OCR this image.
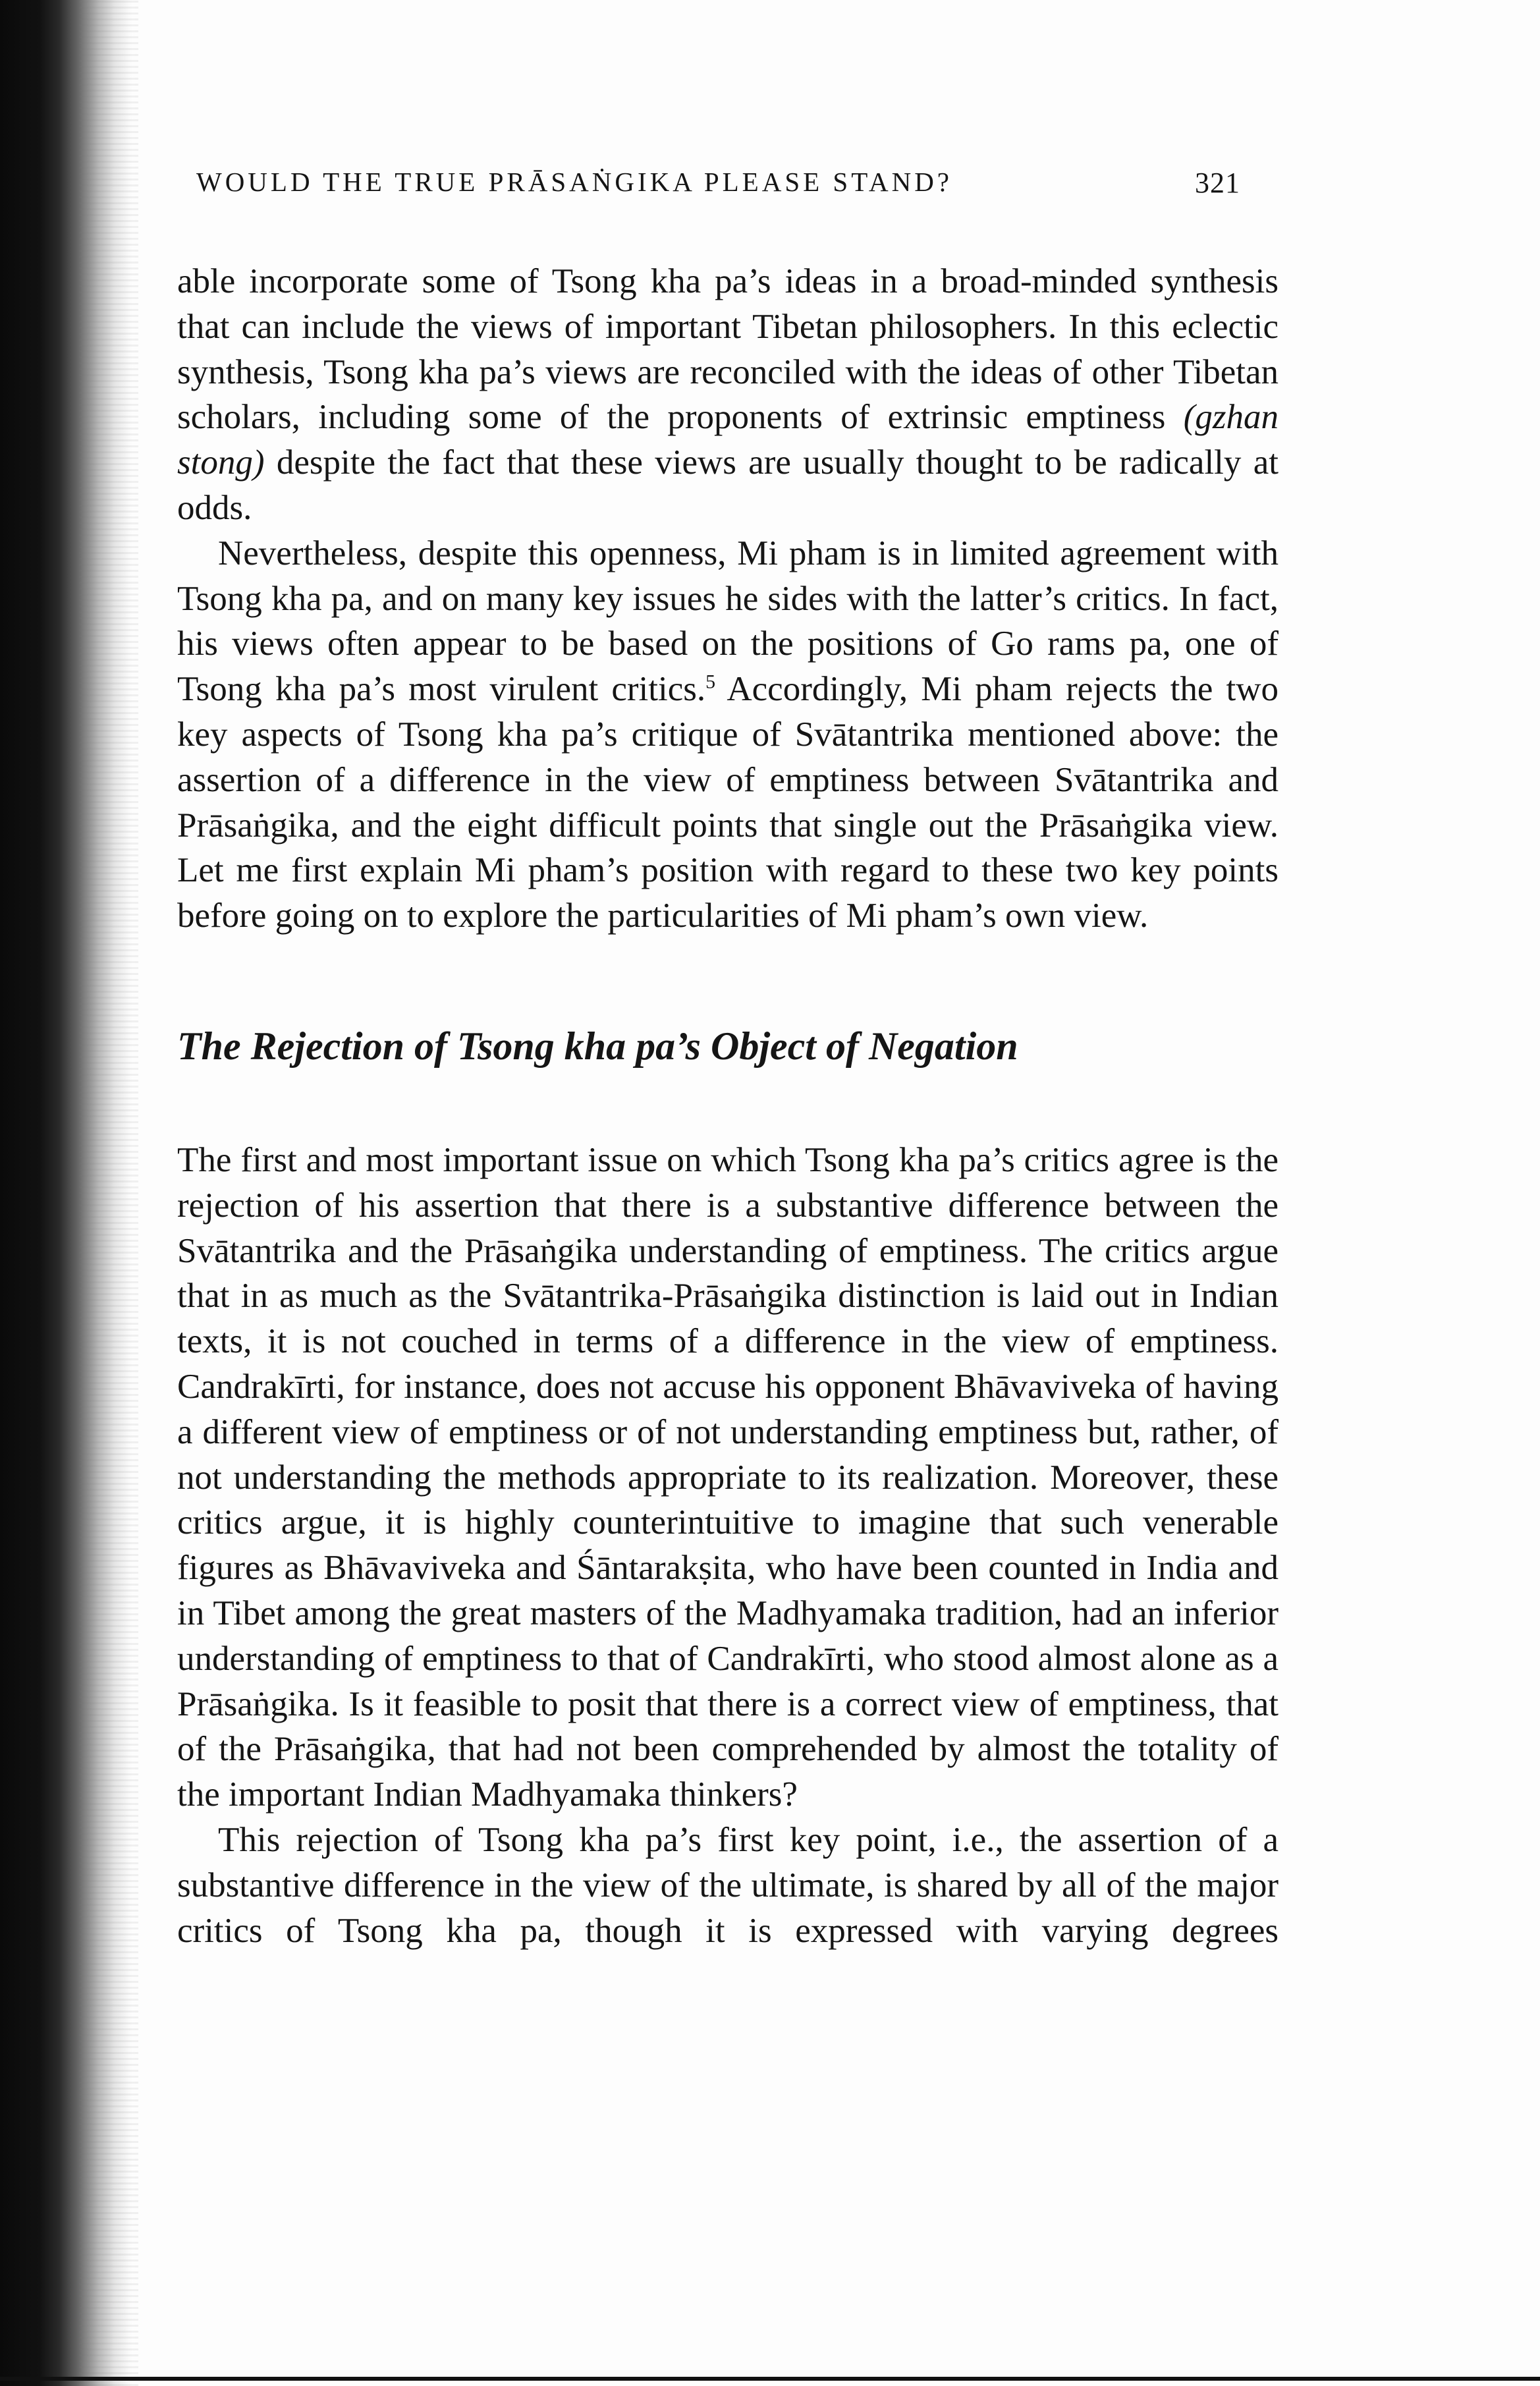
WOULD THE TRUE PRĀSAṄGIKA PLEASE STAND?	321

able incorporate some of Tsong kha pa’s ideas in a broad-minded synthesis that can include the views of important Tibetan philosophers. In this eclectic synthesis, Tsong kha pa’s views are reconciled with the ideas of other Tibetan scholars, including some of the proponents of extrinsic emptiness (gzhan stong) despite the fact that these views are usually thought to be radically at odds.

Nevertheless, despite this openness, Mi pham is in limited agreement with Tsong kha pa, and on many key issues he sides with the latter’s critics. In fact, his views often appear to be based on the positions of Go rams pa, one of Tsong kha pa’s most virulent critics.$^5$ Accordingly, Mi pham rejects the two key aspects of Tsong kha pa’s critique of Svātantrika mentioned above: the assertion of a difference in the view of emptiness between Svātantrika and Prāsaṅgika, and the eight difficult points that single out the Prāsaṅgika view. Let me first explain Mi pham’s position with regard to these two key points before going on to explore the particularities of Mi pham’s own view.

The Rejection of Tsong kha pa’s Object of Negation

The first and most important issue on which Tsong kha pa’s critics agree is the rejection of his assertion that there is a substantive difference between the Svātantrika and the Prāsaṅgika understanding of emptiness. The critics argue that in as much as the Svātantrika-Prāsaṅgika distinction is laid out in Indian texts, it is not couched in terms of a difference in the view of emptiness. Candrakīrti, for instance, does not accuse his opponent Bhāvaviveka of having a different view of emptiness or of not understanding emptiness but, rather, of not understanding the methods appropriate to its realization. Moreover, these critics argue, it is highly counterintuitive to imagine that such venerable figures as Bhāvaviveka and Śāntarakṣita, who have been counted in India and in Tibet among the great masters of the Madhyamaka tradition, had an inferior understanding of emptiness to that of Candrakīrti, who stood almost alone as a Prāsaṅgika. Is it feasible to posit that there is a correct view of emptiness, that of the Prāsaṅgika, that had not been comprehended by almost the totality of the important Indian Madhyamaka thinkers?

This rejection of Tsong kha pa’s first key point, i.e., the assertion of a substantive difference in the view of the ultimate, is shared by all of the major critics of Tsong kha pa, though it is expressed with varying degrees
